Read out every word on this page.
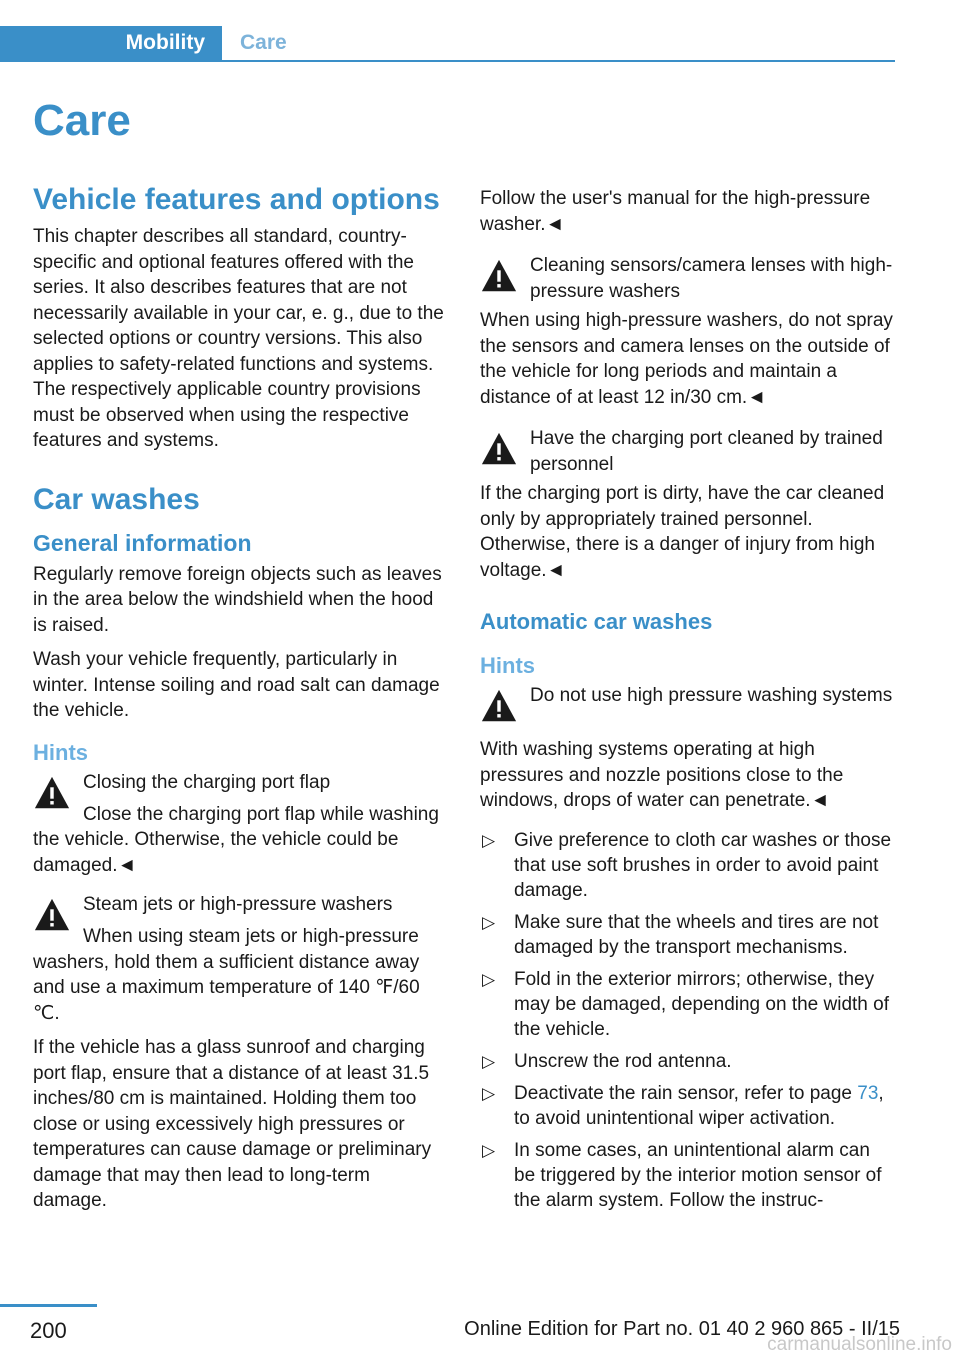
Mobility	Care
Care
Vehicle features and options

This chapter describes all standard, country-specific and optional features offered with the series. It also describes features that are not necessarily available in your car, e. g., due to the selected options or country versions. This also applies to safety-related functions and systems. The respectively applicable country provisions must be observed when using the respective features and systems.

Car washes
General information

Regularly remove foreign objects such as leaves in the area below the windshield when the hood is raised.

Wash your vehicle frequently, particularly in winter. Intense soiling and road salt can damage the vehicle.

Hints
Closing the charging port flap

Close the charging port flap while washing the vehicle. Otherwise, the vehicle could be damaged.◄

Steam jets or high-pressure washers

When using steam jets or high-pressure washers, hold them a sufficient distance away and use a maximum temperature of 140 ℉/60 ℃.

If the vehicle has a glass sunroof and charging port flap, ensure that a distance of at least 31.5 inches/80 cm is maintained. Holding them too close or using excessively high pressures or temperatures can cause damage or preliminary damage that may then lead to long-term damage.

Follow the user's manual for the high-pressure washer.◄

Cleaning sensors/camera lenses with high-pressure washers

When using high-pressure washers, do not spray the sensors and camera lenses on the outside of the vehicle for long periods and maintain a distance of at least 12 in/30 cm.◄

Have the charging port cleaned by trained personnel

If the charging port is dirty, have the car cleaned only by appropriately trained personnel. Otherwise, there is a danger of injury from high voltage.◄

Automatic car washes
Hints
Do not use high pressure washing systems

With washing systems operating at high pressures and nozzle positions close to the windows, drops of water can penetrate.◄

▷ Give preference to cloth car washes or those that use soft brushes in order to avoid paint damage.
▷ Make sure that the wheels and tires are not damaged by the transport mechanisms.
▷ Fold in the exterior mirrors; otherwise, they may be damaged, depending on the width of the vehicle.
▷ Unscrew the rod antenna.
▷ Deactivate the rain sensor, refer to page 73, to avoid unintentional wiper activation.
▷ In some cases, an unintentional alarm can be triggered by the interior motion sensor of the alarm system. Follow the instruc-
200	Online Edition for Part no. 01 40 2 960 865 - II/15
carmanualsonline.info
